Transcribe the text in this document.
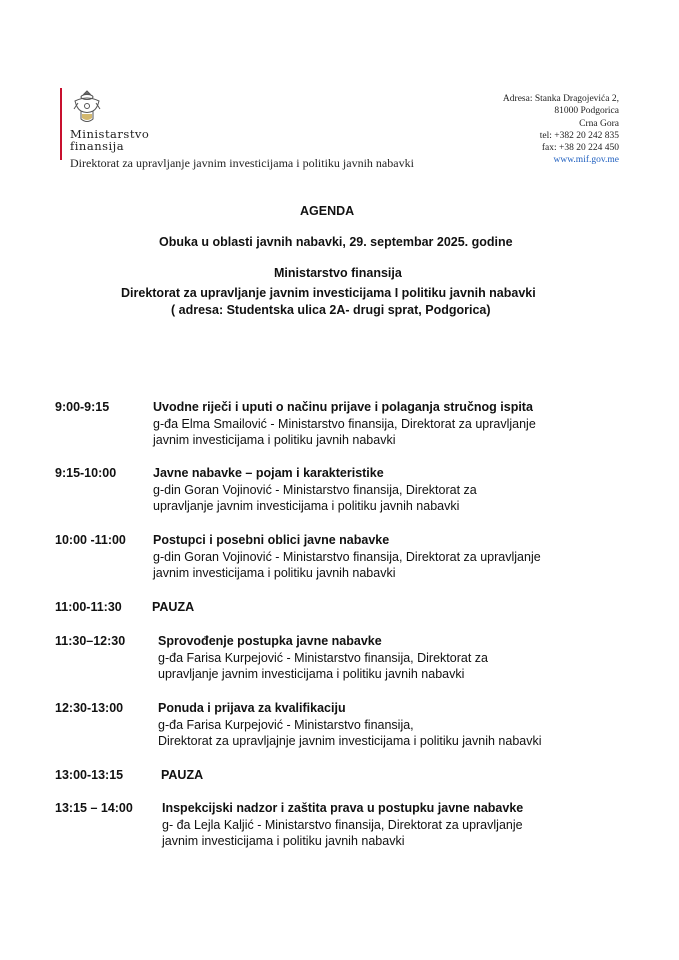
Ministarstvo
finansija
Direktorat za upravljanje javnim investicijama i politiku javnih nabavki
Adresa: Stanka Dragojevića 2,
81000 Podgorica
Crna Gora
tel: +382 20 242 835
fax: +38 20 224 450
www.mif.gov.me
AGENDA
Obuka u oblasti javnih nabavki, 29. septembar 2025. godine
Ministarstvo finansija
Direktorat za upravljanje javnim investicijama I politiku javnih nabavki
( adresa: Studentska ulica 2A- drugi sprat, Podgorica)
9:00-9:15	Uvodne riječi i uputi o načinu prijave i polaganja stručnog ispita
g-đa Elma Smailović - Ministarstvo finansija, Direktorat za upravljanje
javnim investicijama i politiku javnih nabavki
9:15-10:00	Javne nabavke – pojam i karakteristike
g-din Goran Vojinović - Ministarstvo finansija, Direktorat za
upravljanje javnim investicijama i politiku javnih nabavki
10:00 -11:00 Postupci i posebni oblici javne nabavke
g-din Goran Vojinović - Ministarstvo finansija, Direktorat za upravljanje
javnim investicijama i politiku javnih nabavki
11:00-11:30 PAUZA
11:30–12:30	Sprovođenje postupka javne nabavke
g-đa Farisa Kurpejović - Ministarstvo finansija, Direktorat za
upravljanje javnim investicijama i politiku javnih nabavki
12:30-13:00	Ponuda i prijava za kvalifikaciju
g-đa Farisa Kurpejović - Ministarstvo finansija,
Direktorat za upravljajnje javnim investicijama i politiku javnih nabavki
13:00-13:15	PAUZA
13:15 – 14:00 Inspekcijski nadzor i zaštita prava u postupku javne nabavke
g- đa Lejla Kaljić - Ministarstvo finansija, Direktorat za upravljanje
javnim investicijama i politiku javnih nabavki
